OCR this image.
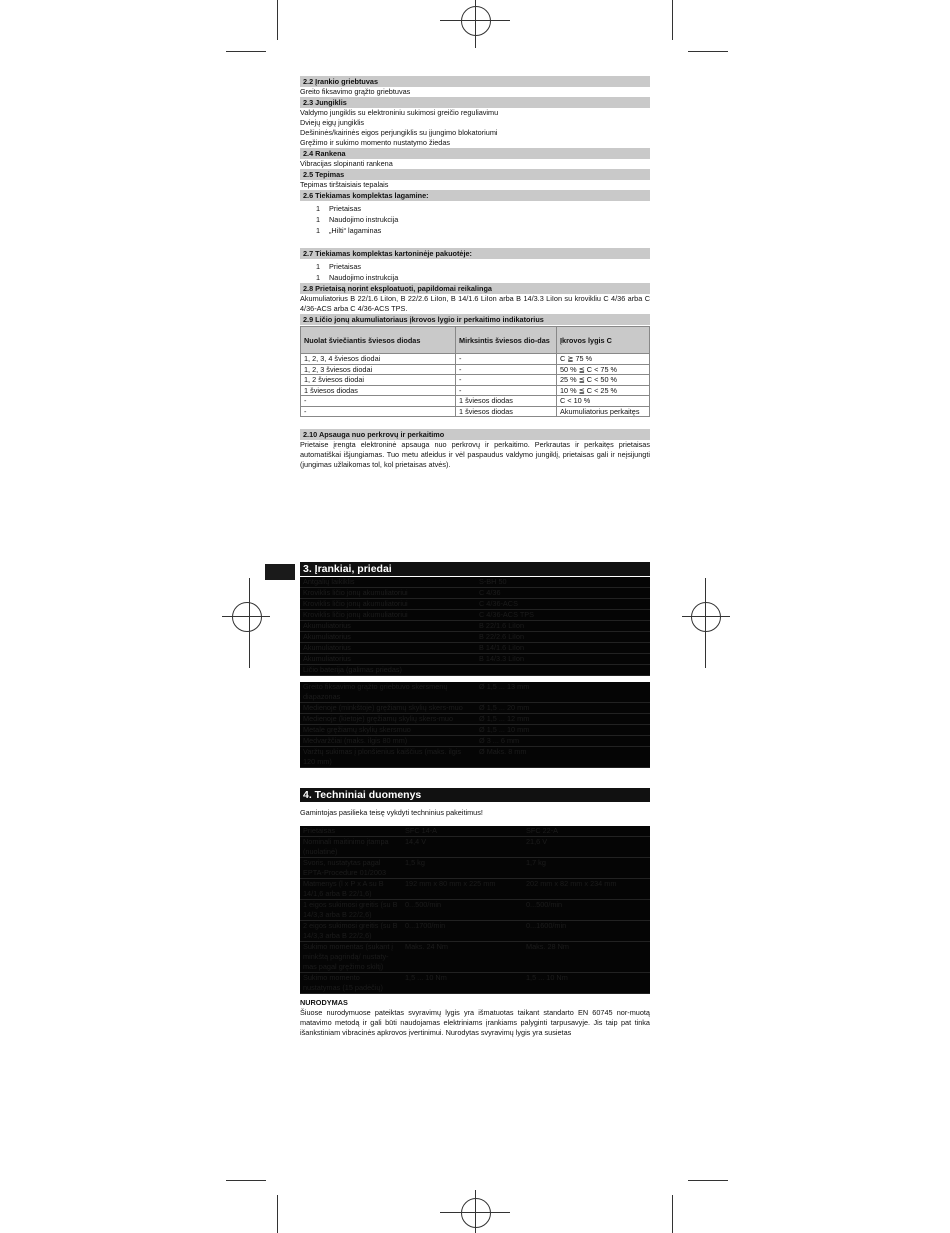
2.2 Įrankio griebtuvas
Greito fiksavimo grąžto griebtuvas
2.3 Jungiklis
Valdymo jungiklis su elektroniniu sukimosi greičio reguliavimu
Dviejų eigų jungiklis
Dešininės/kairinės eigos perjungiklis su įjungimo blokatoriumi
Gręžimo ir sukimo momento nustatymo žiedas
2.4 Rankena
Vibracijas slopinanti rankena
2.5 Tepimas
Tepimas tirštaisiais tepalais
2.6 Tiekiamas komplektas lagamine:
1 Prietaisas
1 Naudojimo instrukcija
1 „Hilti“ lagaminas
2.7 Tiekiamas komplektas kartoninėje pakuotėje:
1 Prietaisas
1 Naudojimo instrukcija
2.8 Prietaisą norint eksploatuoti, papildomai reikalinga
Akumuliatorius B 22/1.6 LiIon, B 22/2.6 LiIon, B 14/1.6 LiIon arba B 14/3.3 LiIon su krovikliu C 4/36 arba C 4/36-ACS arba C 4/36-ACS TPS.
2.9 Ličio jonų akumuliatoriaus įkrovos lygio ir perkaitimo indikatorius
Nuolat šviečiantis šviesos diodas	Mirksintis šviesos dio-das	Įkrovos lygis C
1, 2, 3, 4 šviesos diodai	-	C ≧ 75 %
1, 2, 3 šviesos diodai	-	50 % ≦ C < 75 %
1, 2 šviesos diodai	-	25 % ≦ C < 50 %
1 šviesos diodas	-	10 % ≦ C < 25 %
-	1 šviesos diodas	C < 10 %
-	1 šviesos diodas	Akumuliatorius perkaitęs
2.10 Apsauga nuo perkrovų ir perkaitimo
Prietaise įrengta elektroninė apsauga nuo perkrovų ir perkaitimo. Perkrautas ir perkaitęs prietaisas automatiškai išjungiamas. Tuo metu atleidus ir vėl paspaudus valdymo jungiklį, prietaisas gali ir neįsijungti (jungimas užlaikomas tol, kol prietaisas atvės).
3. Įrankiai, priedai
Antgalių laikiklis	S-BH 50
Kroviklis ličio jonų akumuliatoriui	C 4/36
Kroviklis ličio jonų akumuliatoriui	C 4/36-ACS
Kroviklis ličio jonų akumuliatoriui	C 4/36-ACS TPS
Akumuliatorius	B 22/1.6 LiIon
Akumuliatorius	B 22/2.6 LiIon
Akumuliatorius	B 14/1.6 LiIon
Akumuliatorius	B 14/3.3 LiIon
Ličio baterija (galimas priedas)	
Greito fiksavimo grąžto griebtuvo skersmenų diapazonas	Ø 1,5 ... 13 mm
Medienoje (minkštoje) gręžiamų skylių skers-muo	Ø 1,5 ... 20 mm
Medienoje (kietoje) gręžiamų skylių skers-muo	Ø 1,5 ... 12 mm
Metale gręžiamų skylių skersmuo	Ø 1,5 ... 10 mm
Medvaržčiai (maks. ilgis 80 mm)	Ø 3 ... 6 mm
Varžtų sukimas į plonšienius kaiščius (maks. ilgis 120 mm)	Ø Maks. 8 mm
4. Techniniai duomenys
Gamintojas pasilieka teisę vykdyti techninius pakeitimus!
Prietaisas	SFC 14-A	SFC 22-A
Nominali maitinimo įtampa (nuolatinė)	14,4 V	21,6 V
Svoris, nustatytas pagal EPTA-Procedure 01/2003	1,5 kg	1,7 kg
Matmenys (l x P x A su B 14/1,6 arba B 22/1,6)	192 mm x 80 mm x 225 mm	202 mm x 82 mm x 234 mm
1 eigos sukimosi greitis (su B 14/3,3 arba B 22/2,6)	0...500/min	0...500/min
2 eigos sukimosi greitis (su B 14/3,3 arba B 22/2,6)	0...1700/min	0...1600/min
Sukimo momentas (sukant į minkštą pagrindą/ nustaty-mas pagal gręžimo skiltį)	Maks. 24 Nm	Maks. 28 Nm
Sukimo momento nustatymas (15 padėčių)	1,5 ... 10 Nm	1,5 ... 10 Nm
NURODYMAS
Šiuose nurodymuose pateiktas svyravimų lygis yra išmatuotas taikant standarto EN 60745 nor-muotą matavimo metodą ir gali būti naudojamas elektriniams įrankiams palyginti tarpusavyje. Jis taip pat tinka išankstiniam vibracinės apkrovos įvertinimui. Nurodytas svyravimų lygis yra susietas
